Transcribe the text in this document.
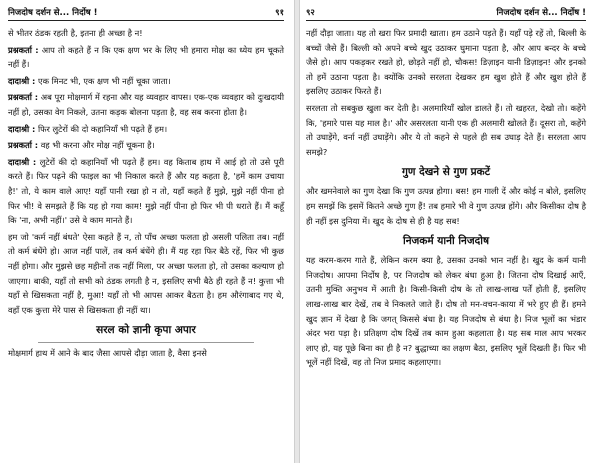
निजदोष दर्शन से... निर्दोष !	९१

से भीतर ठंडक रहती है, इतना ही अच्छा है न!

प्रश्नकर्ता : आप तो कहते हैं न कि एक क्षण भर के लिए भी हमारा मोक्ष का ध्येय हम चूकते नहीं हैं।

दादाश्री : एक मिनट भी, एक क्षण भी नहीं चूका जाता।

प्रश्नकर्ता : अब पूरा मोक्षमार्ग में रहना और यह व्यवहार वापस। एक-एक व्यवहार को दुःखदायी नहीं हो, उसका वेग निकले, उतना कड़क बोलना पड़ता है, वह सब करना होता है।

दादाश्री : फिर लुटेरों की दो कहानियाँ भी पढ़ते हैं हम।

प्रश्नकर्ता : वह भी करना और मोक्ष नहीं चूकना है।

दादाश्री : लुटेरों की दो कहानियाँ भी पढ़ते हैं हम। वह किताब हाथ में आई हो तो उसे पूरी करते हैं। फिर पढ़ने की फाइल का भी निकाल करते हैं और यह कहता है, 'हमें काम उचाया है!' तो, ये काम वाले आए! यहाँ पानी रखा हो न तो, यहाँ कहते हैं मुझे, मुझे नहीं पीना हो फिर भी! वे समझते हैं कि यह हो गया काम! मुझे नहीं पीना हो फिर भी पी धराते हैं। मैं कहूँ कि 'ना, अभी नहीं।' उसे वे काम मानते हैं।

हम जो 'कर्म नहीं बंधते' ऐसा कहते हैं न, तो पाँच अच्छा फलता हो असली पलिता तब। नहीं तो कर्म बंधेंगे हो। आज नहीं पालें, तब कर्म बंधेंगे ही। मैं यह रहा फिर बैठे रहें, फिर भी कुछ नहीं होगा। और मुझसे छह महीनों तक नहीं मिला, पर अच्छा फलता हो, तो उसका कल्याण हो जाएगा। बाकी, यहाँ तो सभी को ठंडक लगती है न, इसलिए सभी बैठे ही रहते हैं न! कुत्ता भी यहाँ से खिसकता नहीं है, मुआ! यहाँ तो भी आपस आकर बैठता है। हम औरंगाबाद गए थे, वहाँ एक कुत्ता मेरे पास से खिसकता ही नहीं था।

सरल को ज्ञानी कृपा अपार

मोक्षमार्ग हाथ में आने के बाद जैसा आपसे दौड़ा जाता है, वैसा इनसे

९२	निजदोष दर्शन से... निर्दोष !

नहीं दौड़ा जाता। यह तो खरा फिर प्रमादी खाता। हम उठाने पड़ते हैं। यहाँ पड़े रहें तो, बिल्ली के बच्चों जैसे हैं। बिल्ली को अपने बच्चे खुद उठाकर घुमाना पड़ता है, और आप बन्दर के बच्चे जैसे हो। आप पकड़कर रखते हो, छोड़ते नहीं हो, चौकस! डिज़ाइन यानी डिज़ाइन! और इनको तो हमें उठाना पड़ता है। क्योंकि उनको सरलता देखकर हम खुश होते हैं और खुश होते हैं इसलिए उठाकर फिरते हैं।

सरलता तो सबकुछ खुला कर देती है। अलमारियाँ खोल डालते हैं। तो खहरत, देखो तो। कहेंगे कि, 'हमारे पास यह माल है।' और असरलता यानी एक ही अलमारी खोलते हैं। दूसरा तो, कहेंगे तो उघाड़ेंगे, वर्ना नहीं उघाड़ेंगे। और ये तो कहने से पहले ही सब उघाड़ देते हैं। सरलता आप समझे?

गुण देखने से गुण प्रकटें

और खमनेवाले का गुण देखा कि गुण उत्पन्न होगा। बस! हम गाली दें और कोई न बोले, इसलिए हम समझें कि इसमें कितने अच्छे गुण हैं! तब हमारे भी वे गुण उत्पन्न होंगे। और किसीका दोष है ही नहीं इस दुनिया में। खुद के दोष से ही है यह सब!

निजकर्म यानी निजदोष

यह करम-करम गाते हैं, लेकिन करम क्या है, उसका उनको भान नहीं है। खुद के कर्म यानी निजदोष। आपमा निर्दोष है, पर निजदोष को लेकर बंधा हुआ है। जितना दोष दिखाई आएँ, उतनी मुक्ति अनुभव में आती है। किसी-किसी दोष के तो लाख-लाख पर्तें होती हैं, इसलिए लाख-लाख बार देखें, तब वे निकलते जाते हैं। दोष तो मन-वचन-काया में भरे हुए ही हैं। हमने खुद ज्ञान में देखा है कि जगत् किससे बंधा है। यह निजदोष से बंधा है। निज भूलों का भंडार अंदर भरा पड़ा है। प्रतिक्षण दोष दिखें तब काम हुआ कहलाता है। यह सब माल आप भरकर लाए हो, यह पूछे बिना का ही है न? बुद्धाच्या का लक्षण बैठा, इसलिए भूलें दिखती हैं। फिर भी भूलें नहीं दिखें, वह तो निज प्रमाद कहलाएगा।
